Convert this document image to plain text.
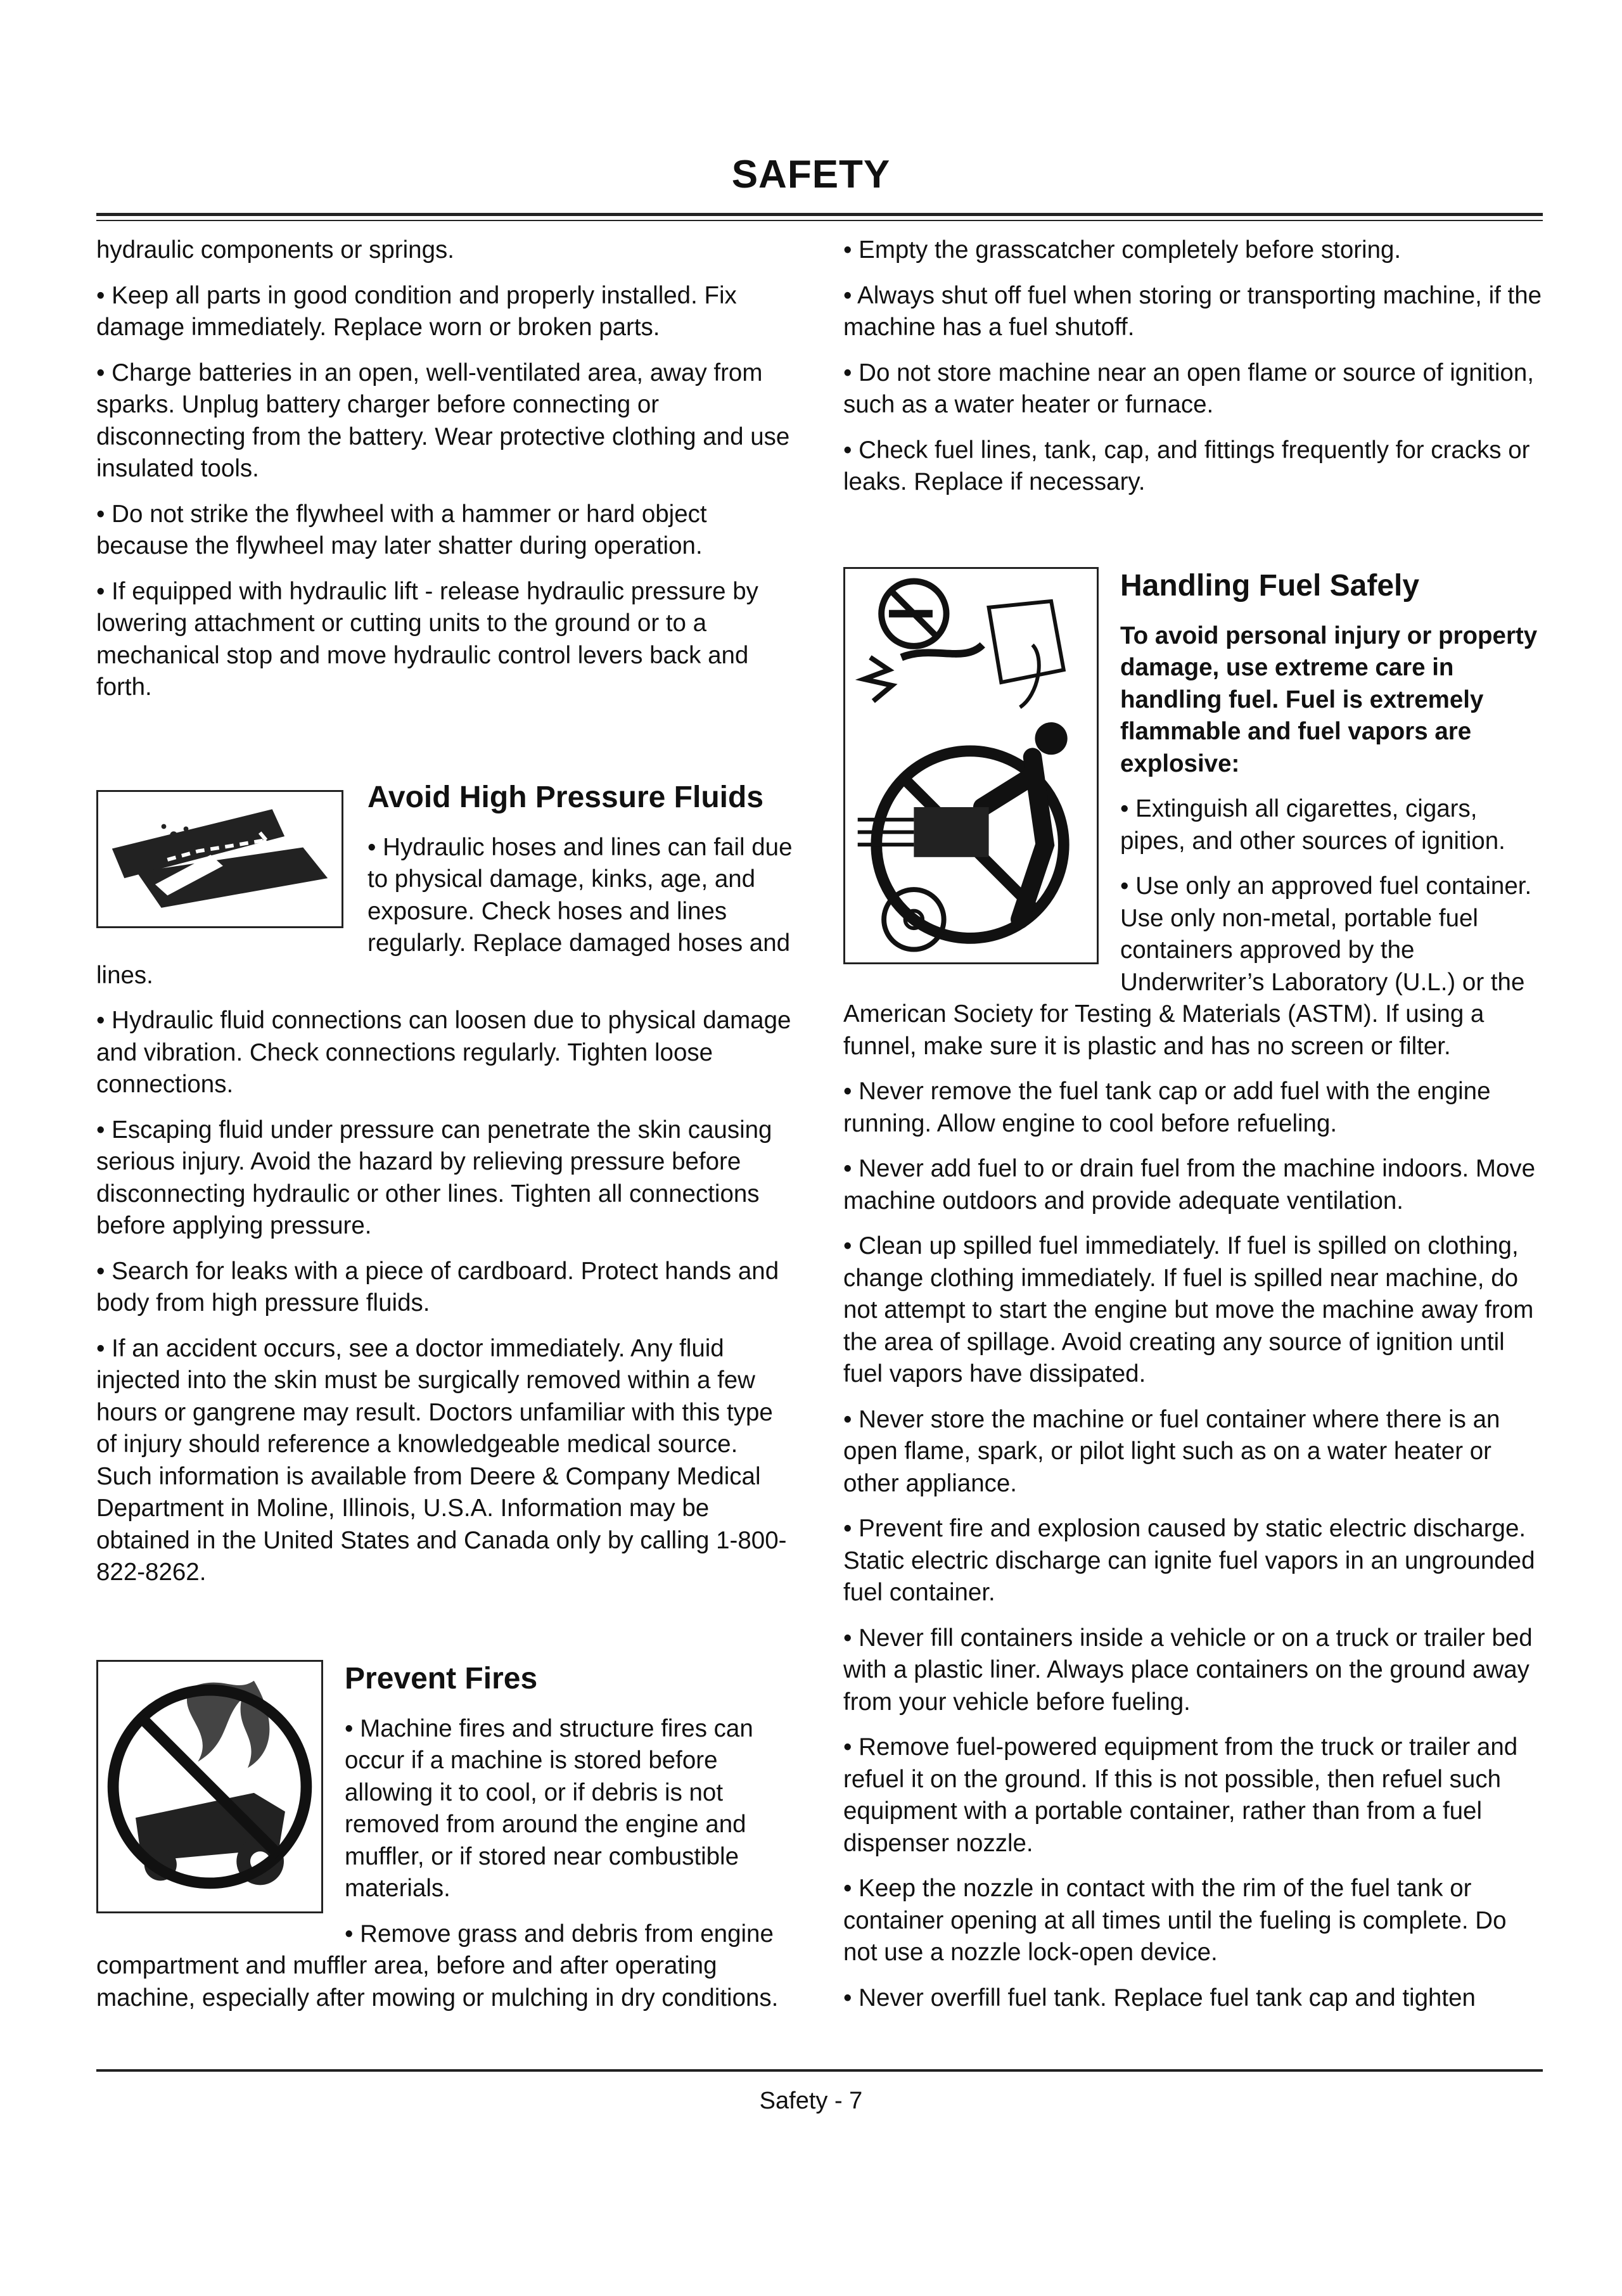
SAFETY

hydraulic components or springs.

• Keep all parts in good condition and properly installed. Fix damage immediately. Replace worn or broken parts.

• Charge batteries in an open, well-ventilated area, away from sparks. Unplug battery charger before connecting or disconnecting from the battery. Wear protective clothing and use insulated tools.

• Do not strike the flywheel with a hammer or hard object because the flywheel may later shatter during operation.

• If equipped with hydraulic lift - release hydraulic pressure by lowering attachment or cutting units to the ground or to a mechanical stop and move hydraulic control levers back and forth.

Avoid High Pressure Fluids

• Hydraulic hoses and lines can fail due to physical damage, kinks, age, and exposure. Check hoses and lines regularly. Replace damaged hoses and lines.

• Hydraulic fluid connections can loosen due to physical damage and vibration. Check connections regularly. Tighten loose connections.

• Escaping fluid under pressure can penetrate the skin causing serious injury. Avoid the hazard by relieving pressure before disconnecting hydraulic or other lines. Tighten all connections before applying pressure.

• Search for leaks with a piece of cardboard. Protect hands and body from high pressure fluids.

• If an accident occurs, see a doctor immediately. Any fluid injected into the skin must be surgically removed within a few hours or gangrene may result. Doctors unfamiliar with this type of injury should reference a knowledgeable medical source. Such information is available from Deere & Company Medical Department in Moline, Illinois, U.S.A. Information may be obtained in the United States and Canada only by calling 1-800-822-8262.

Prevent Fires

• Machine fires and structure fires can occur if a machine is stored before allowing it to cool, or if debris is not removed from around the engine and muffler, or if stored near combustible materials.

• Remove grass and debris from engine compartment and muffler area, before and after operating machine, especially after mowing or mulching in dry conditions.

• Empty the grasscatcher completely before storing.

• Always shut off fuel when storing or transporting machine, if the machine has a fuel shutoff.

• Do not store machine near an open flame or source of ignition, such as a water heater or furnace.

• Check fuel lines, tank, cap, and fittings frequently for cracks or leaks. Replace if necessary.

Handling Fuel Safely

To avoid personal injury or property damage, use extreme care in handling fuel. Fuel is extremely flammable and fuel vapors are explosive:

• Extinguish all cigarettes, cigars, pipes, and other sources of ignition.

• Use only an approved fuel container. Use only non-metal, portable fuel containers approved by the Underwriter’s Laboratory (U.L.) or the American Society for Testing & Materials (ASTM). If using a funnel, make sure it is plastic and has no screen or filter.

• Never remove the fuel tank cap or add fuel with the engine running. Allow engine to cool before refueling.

• Never add fuel to or drain fuel from the machine indoors. Move machine outdoors and provide adequate ventilation.

• Clean up spilled fuel immediately. If fuel is spilled on clothing, change clothing immediately. If fuel is spilled near machine, do not attempt to start the engine but move the machine away from the area of spillage. Avoid creating any source of ignition until fuel vapors have dissipated.

• Never store the machine or fuel container where there is an open flame, spark, or pilot light such as on a water heater or other appliance.

• Prevent fire and explosion caused by static electric discharge. Static electric discharge can ignite fuel vapors in an ungrounded fuel container.

• Never fill containers inside a vehicle or on a truck or trailer bed with a plastic liner. Always place containers on the ground away from your vehicle before fueling.

• Remove fuel-powered equipment from the truck or trailer and refuel it on the ground. If this is not possible, then refuel such equipment with a portable container, rather than from a fuel dispenser nozzle.

• Keep the nozzle in contact with the rim of the fuel tank or container opening at all times until the fueling is complete. Do not use a nozzle lock-open device.

• Never overfill fuel tank. Replace fuel tank cap and tighten

Safety - 7
